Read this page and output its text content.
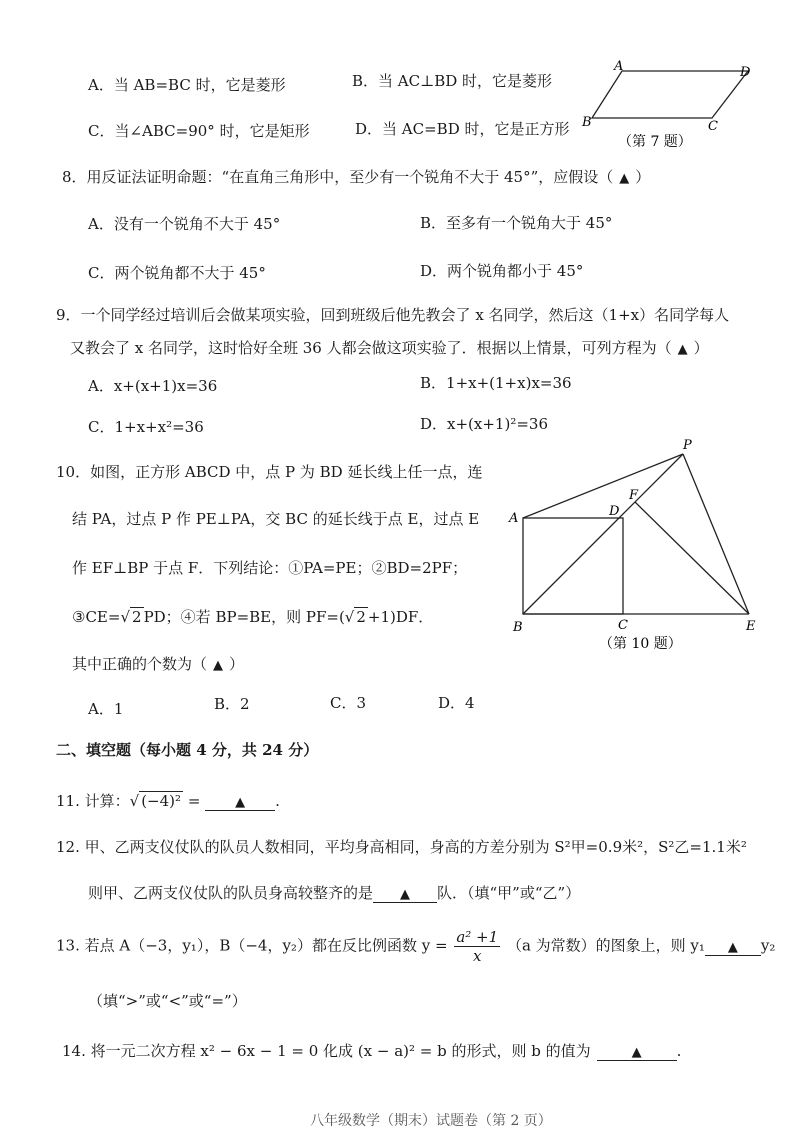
A．当 AB=BC 时，它是菱形	B．当 AC⊥BD 时，它是菱形
C．当∠ABC=90° 时，它是矩形	D．当 AC=BD 时，它是正方形
A	D
B	C
（第 7 题）
8．用反证法证明命题：“在直角三角形中，至少有一个锐角不大于 45°”，应假设（ ▲ ）
A．没有一个锐角不大于 45°	B．至多有一个锐角大于 45°
C．两个锐角都不大于 45°	D．两个锐角都小于 45°
9．一个同学经过培训后会做某项实验，回到班级后他先教会了 x 名同学，然后这（1+x）名同学每人
又教会了 x 名同学，这时恰好全班 36 人都会做这项实验了．根据以上情景，可列方程为（ ▲ ）
A．x+(x+1)x=36	B．1+x+(1+x)x=36
C．1+x+x²=36	D．x+(x+1)²=36
10．如图，正方形 ABCD 中，点 P 为 BD 延长线上任一点，连
结 PA，过点 P 作 PE⊥PA，交 BC 的延长线于点 E，过点 E
作 EF⊥BP 于点 F．下列结论：①PA=PE；②BD=2PF；
③CE=√ 2 PD；④若 BP=BE，则 PF=(√ 2 +1)DF．
其中正确的个数为（ ▲ ）
A．1	B．2	C．3	D．4
A	D
F
P
B	C	E
（第 10 题）
二、填空题（每小题 4 分，共 24 分）
11. 计算：√ (−4)² =	▲ .
12. 甲、乙两支仪仗队的队员人数相同，平均身高相同，身高的方差分别为 S²甲=0.9米²，S²乙=1.1米²
则甲、乙两支仪仗队的队员身高较整齐的是 ▲ 队．（填“甲”或“乙”）
13. 若点 A（−3，y₁），B（−4，y₂）都在反比例函数 $y = \frac{\text{a² +1}}{x} (a$ 为常数）的图象上，则 y₁ ▲ y₂
（填“>”或“<”或“=”）
14. 将一元二次方程 x² − 6x − 1 = 0 化成 (x − a)² = b 的形式，则 b 的值为	▲ .
八年级数学（期末）试题卷（第 2 页）
